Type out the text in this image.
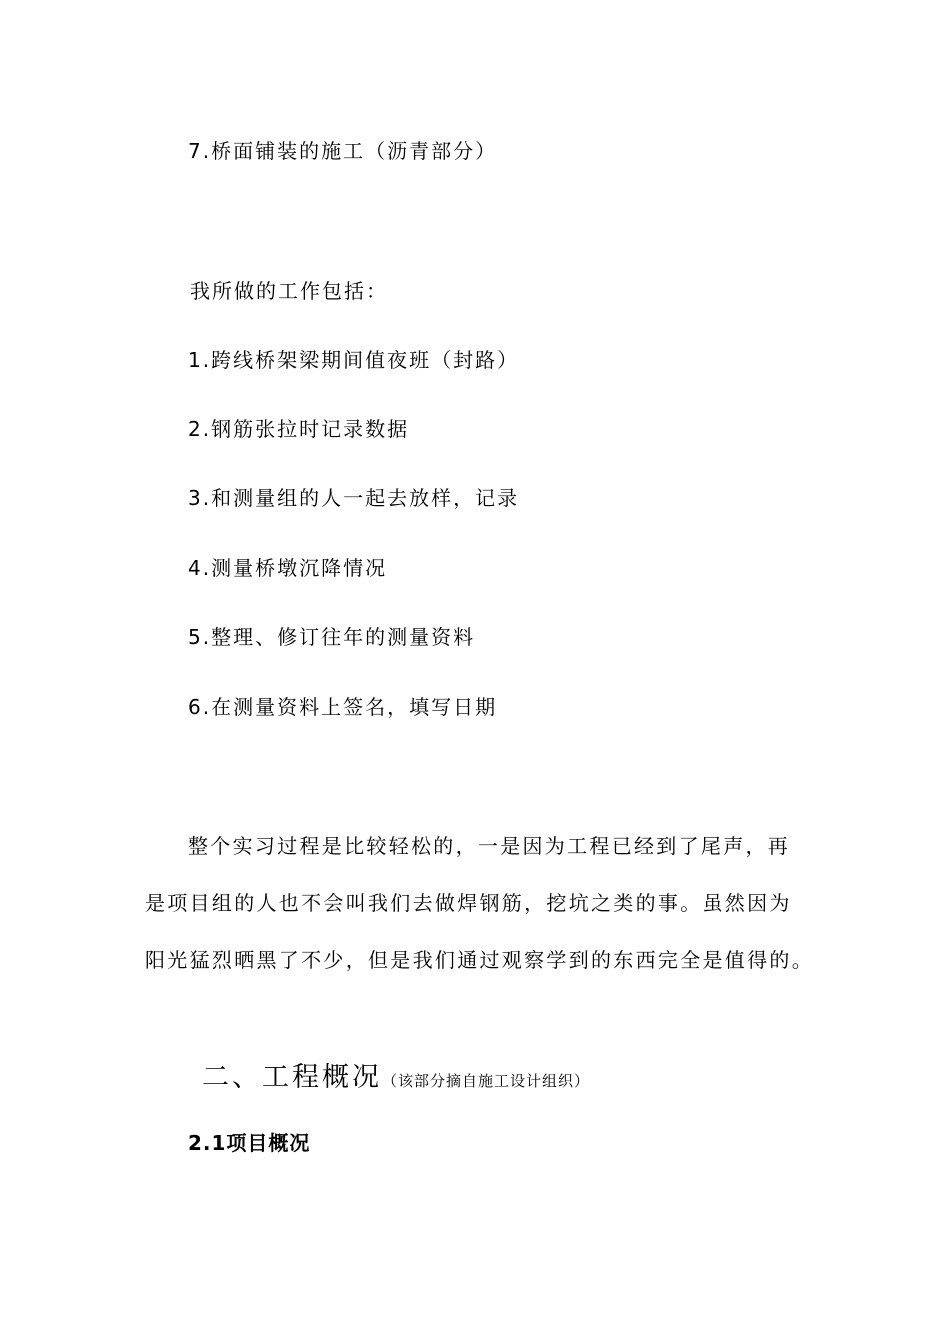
7.桥面铺装的施工（沥青部分）
我所做的工作包括：
1.跨线桥架梁期间值夜班（封路）
2.钢筋张拉时记录数据
3.和测量组的人一起去放样，记录
4.测量桥墩沉降情况
5.整理、修订往年的测量资料
6.在测量资料上签名，填写日期
整个实习过程是比较轻松的，一是因为工程已经到了尾声，再
是项目组的人也不会叫我们去做焊钢筋，挖坑之类的事。虽然因为
阳光猛烈晒黑了不少，但是我们通过观察学到的东西完全是值得的。
二、工程概况（该部分摘自施工设计组织）
2.1项目概况
